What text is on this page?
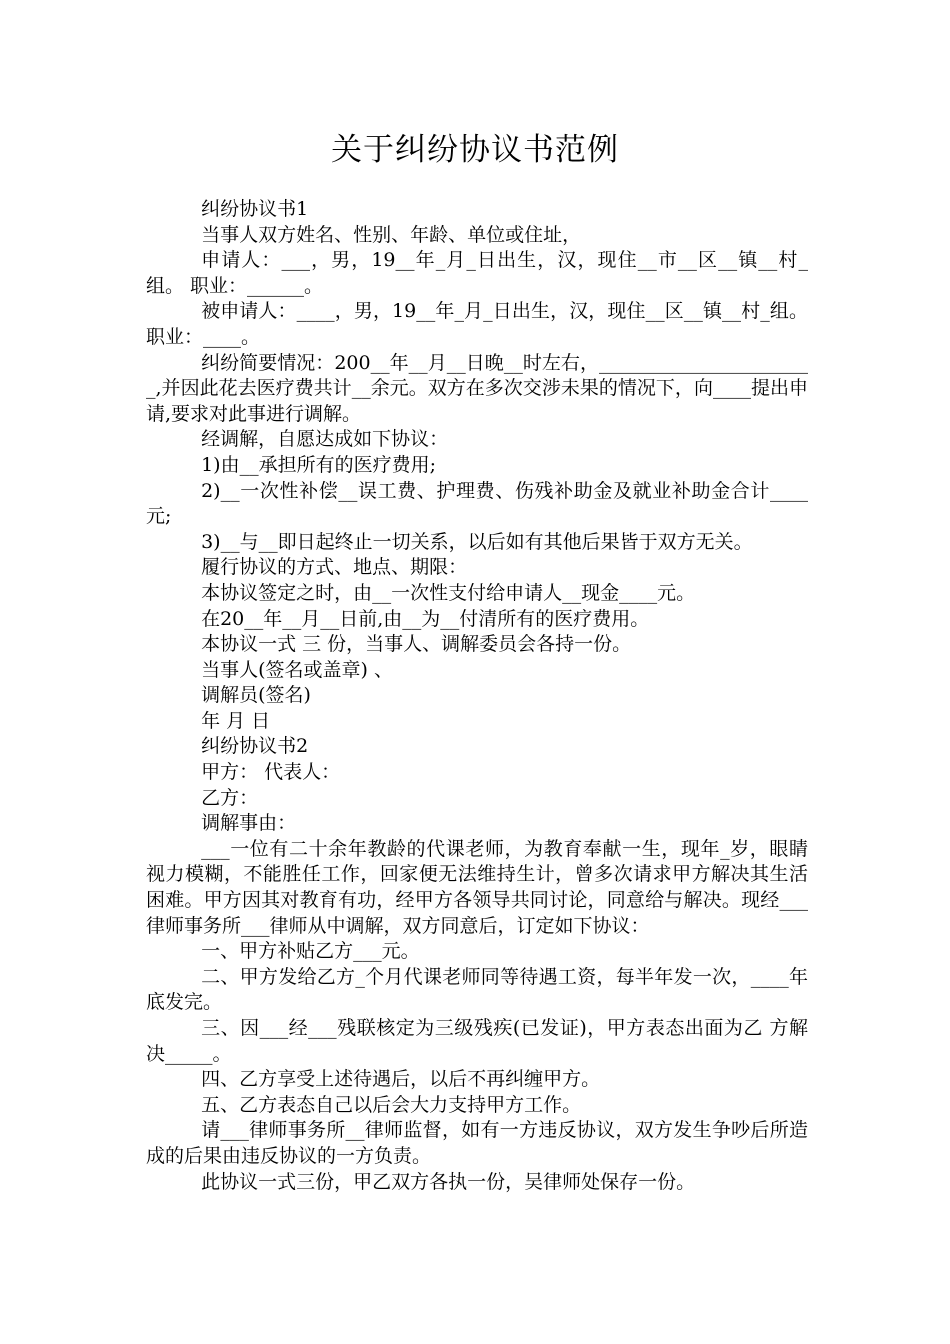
关于纠纷协议书范例

纠纷协议书1

当事人双方姓名、性别、年龄、单位或住址，

申请人：___，男，19__年_月_日出生，汉，现住__市__区__镇__村_ 组。 职业：______。

被申请人：____，男，19__年_月_日出生，汉，现住__区__镇__村_组。职业：____。

纠纷简要情况：200__年__月__日晚__时左右，_______________________,并因此花去医疗费共计__余元。双方在多次交涉未果的情况下，向____提出申请,要求对此事进行调解。

经调解，自愿达成如下协议：

1)由__承担所有的医疗费用;

2)__一次性补偿__误工费、护理费、伤残补助金及就业补助金合计____元;

3)__与__即日起终止一切关系，以后如有其他后果皆于双方无关。

履行协议的方式、地点、期限：

本协议签定之时，由__一次性支付给申请人__现金____元。

在20__年__月__日前,由__为__付清所有的医疗费用。

本协议一式 三 份，当事人、调解委员会各持一份。

当事人(签名或盖章) 、

调解员(签名)

年 月 日

纠纷协议书2

甲方： 代表人：

乙方：

调解事由：

___一位有二十余年教龄的代课老师，为教育奉献一生，现年_岁，眼睛视力模糊，不能胜任工作，回家便无法维持生计，曾多次请求甲方解决其生活困难。甲方因其对教育有功，经甲方各领导共同讨论，同意给与解决。现经___律师事务所___律师从中调解，双方同意后，订定如下协议：

一、甲方补贴乙方___元。

二、甲方发给乙方_个月代课老师同等待遇工资，每半年发一次，____年底发完。

三、因___经___残联核定为三级残疾(已发证)，甲方表态出面为乙 方解决_____。

四、乙方享受上述待遇后，以后不再纠缠甲方。

五、乙方表态自己以后会大力支持甲方工作。

请___律师事务所__律师监督，如有一方违反协议，双方发生争吵后所造成的后果由违反协议的一方负责。

此协议一式三份，甲乙双方各执一份，吴律师处保存一份。
